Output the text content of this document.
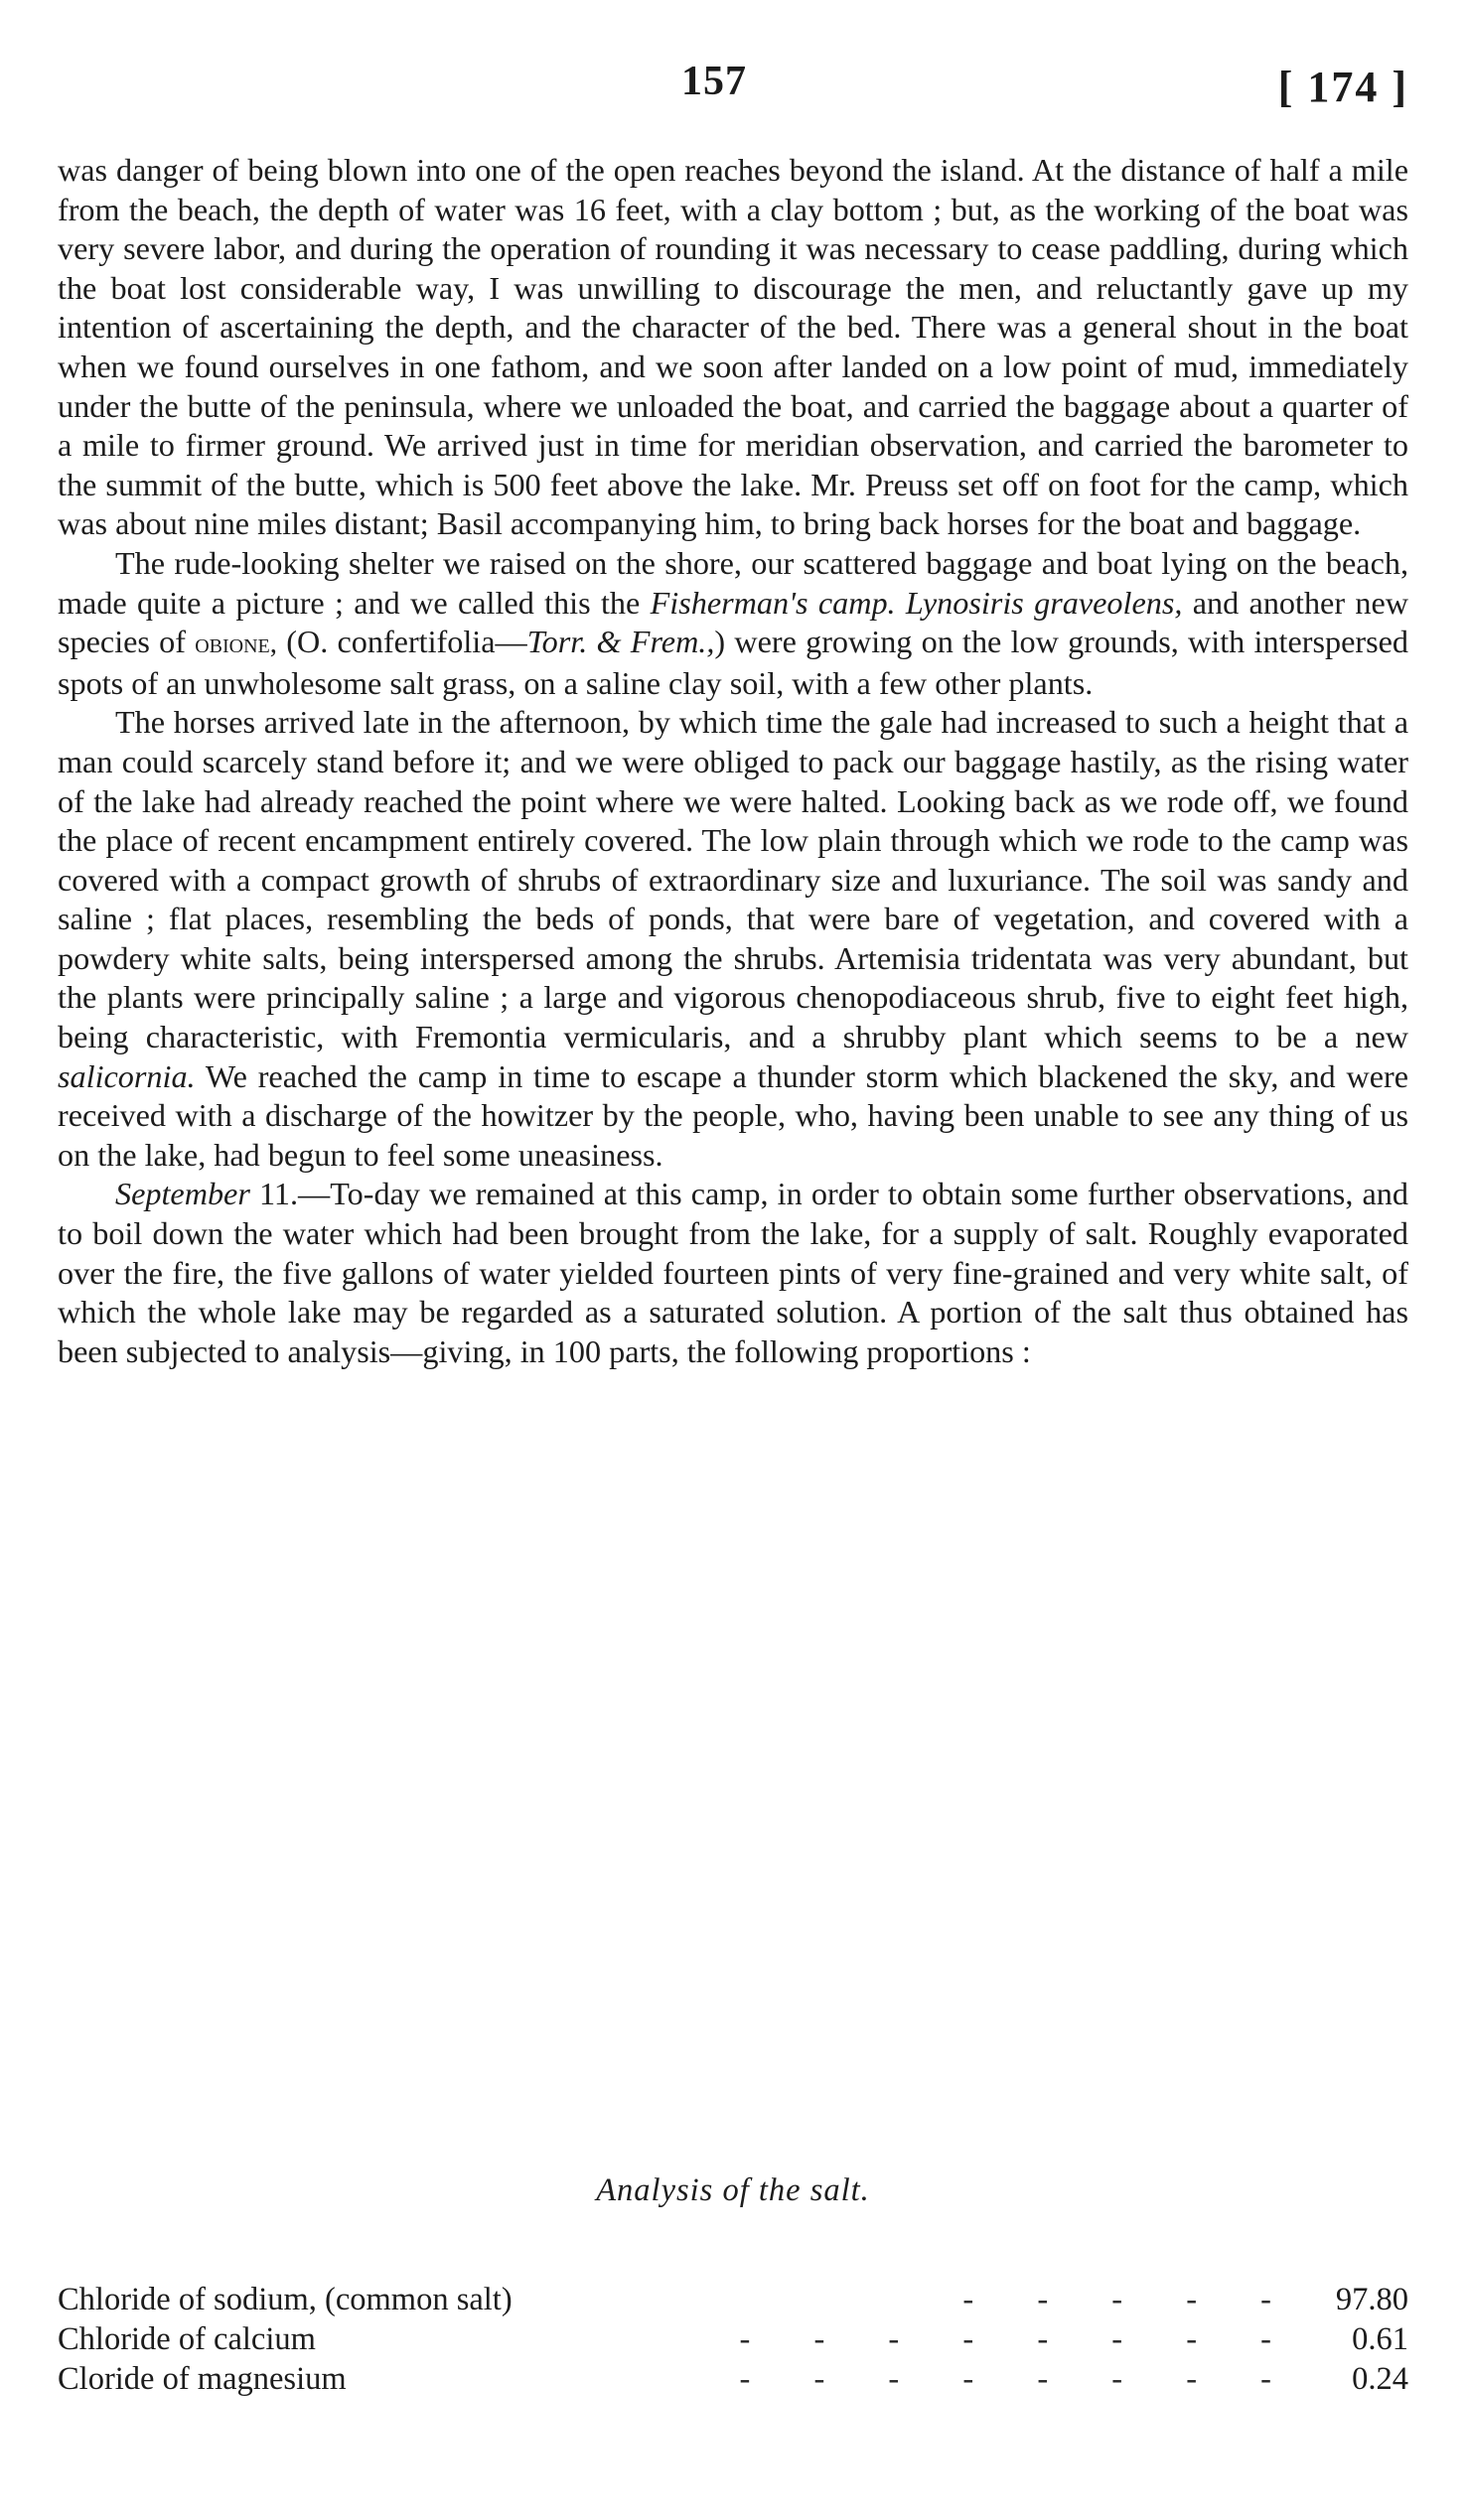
157	[ 174 ]

was danger of being blown into one of the open reaches beyond the island. At the distance of half a mile from the beach, the depth of water was 16 feet, with a clay bottom ; but, as the working of the boat was very severe labor, and during the operation of rounding it was necessary to cease paddling, during which the boat lost considerable way, I was unwilling to discourage the men, and reluctantly gave up my intention of ascertaining the depth, and the character of the bed. There was a general shout in the boat when we found ourselves in one fathom, and we soon after landed on a low point of mud, immediately under the butte of the peninsula, where we unloaded the boat, and carried the baggage about a quarter of a mile to firmer ground. We arrived just in time for meridian observation, and carried the barometer to the summit of the butte, which is 500 feet above the lake. Mr. Preuss set off on foot for the camp, which was about nine miles distant; Basil accompanying him, to bring back horses for the boat and baggage.

The rude-looking shelter we raised on the shore, our scattered baggage and boat lying on the beach, made quite a picture ; and we called this the Fisherman's camp. Lynosiris graveolens, and another new species of obione, (O. confertifolia—Torr. & Frem.,) were growing on the low grounds, with interspersed spots of an unwholesome salt grass, on a saline clay soil, with a few other plants.

The horses arrived late in the afternoon, by which time the gale had increased to such a height that a man could scarcely stand before it; and we were obliged to pack our baggage hastily, as the rising water of the lake had already reached the point where we were halted. Looking back as we rode off, we found the place of recent encampment entirely covered. The low plain through which we rode to the camp was covered with a compact growth of shrubs of extraordinary size and luxuriance. The soil was sandy and saline ; flat places, resembling the beds of ponds, that were bare of vegetation, and covered with a powdery white salts, being interspersed among the shrubs. Artemisia tridentata was very abundant, but the plants were principally saline ; a large and vigorous chenopodiaceous shrub, five to eight feet high, being characteristic, with Fremontia vermicularis, and a shrubby plant which seems to be a new salicornia. We reached the camp in time to escape a thunder storm which blackened the sky, and were received with a discharge of the howitzer by the people, who, having been unable to see any thing of us on the lake, had begun to feel some uneasiness.

September 11.—To-day we remained at this camp, in order to obtain some further observations, and to boil down the water which had been brought from the lake, for a supply of salt. Roughly evaporated over the fire, the five gallons of water yielded fourteen pints of very fine-grained and very white salt, of which the whole lake may be regarded as a saturated solution. A portion of the salt thus obtained has been subjected to analysis—giving, in 100 parts, the following proportions :

Analysis of the salt.
Chloride of sodium, (common salt)	- - - - -	97.80
Chloride of calcium	- - - - - - - -	0.61
Cloride of magnesium	- - - - - - - -	0.24
